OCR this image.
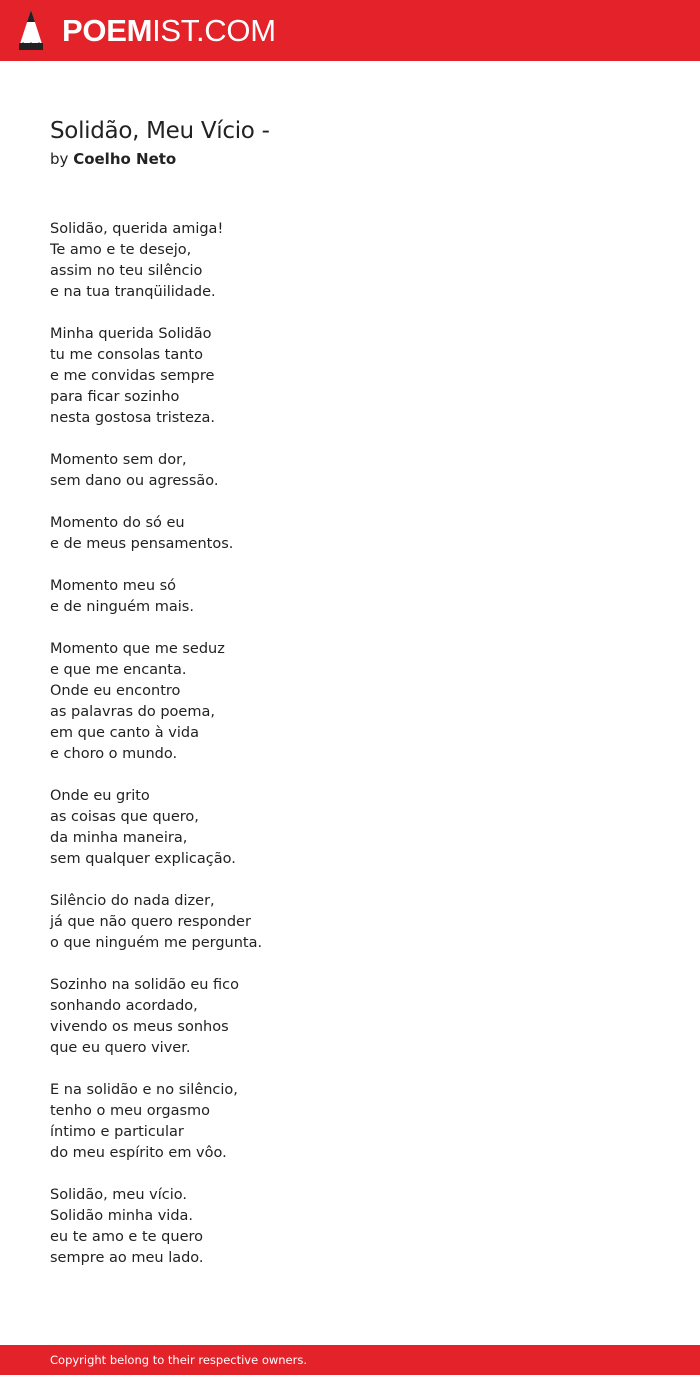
POEMIST.COM
Solidão, Meu Vício -
by Coelho Neto
Solidão, querida amiga!
Te amo e te desejo,
assim no teu silêncio
e na tua tranqüilidade.
Minha querida Solidão
tu me consolas tanto
e me convidas sempre
para ficar sozinho
nesta gostosa tristeza.
Momento sem dor,
sem dano ou agressão.
Momento do só eu
e de meus pensamentos.
Momento meu só
e de ninguém mais.
Momento que me seduz
e que me encanta.
Onde eu encontro
as palavras do poema,
em que canto à vida
e choro o mundo.
Onde eu grito
as coisas que quero,
da minha maneira,
sem qualquer explicação.
Silêncio do nada dizer,
já que não quero responder
o que ninguém me pergunta.
Sozinho na solidão eu fico
sonhando acordado,
vivendo os meus sonhos
que eu quero viver.
E na solidão e no silêncio,
tenho o meu orgasmo
íntimo e particular
do meu espírito em vôo.
Solidão, meu vício.
Solidão minha vida.
eu te amo e te quero
sempre ao meu lado.
Copyright belong to their respective owners.
